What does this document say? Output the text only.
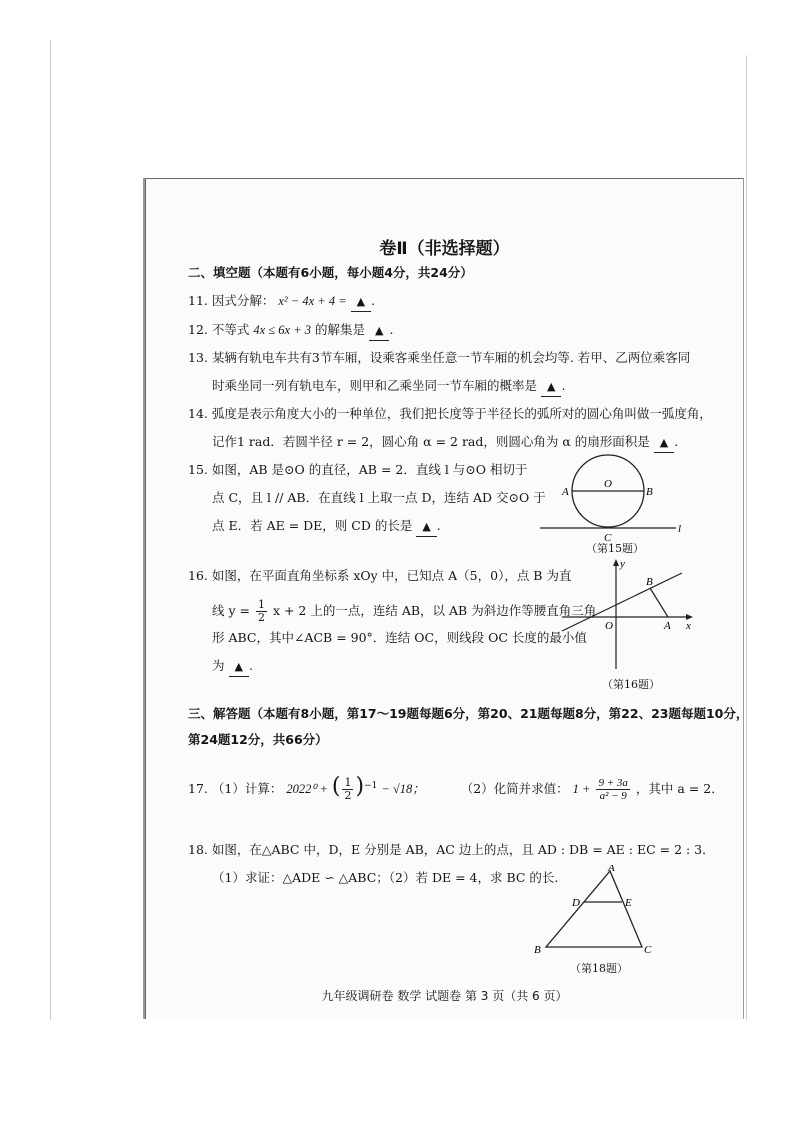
卷Ⅱ（非选择题）
二、填空题（本题有6小题，每小题4分，共24分）
11. 因式分解： x² − 4x + 4 = ▲ .
12. 不等式 4x ≤ 6x + 3 的解集是 ▲ .
13. 某辆有轨电车共有3节车厢，设乘客乘坐任意一节车厢的机会均等. 若甲、乙两位乘客同
时乘坐同一列有轨电车，则甲和乙乘坐同一节车厢的概率是 ▲ .
14. 弧度是表示角度大小的一种单位，我们把长度等于半径长的弧所对的圆心角叫做一弧度角，
记作1 rad．若圆半径 r = 2，圆心角 α = 2 rad，则圆心角为 α 的扇形面积是 ▲ .
15. 如图，AB 是⊙O 的直径，AB = 2．直线 l 与⊙O 相切于
点 C，且 l // AB．在直线 l 上取一点 D，连结 AD 交⊙O 于
点 E．若 AE = DE，则 CD 的长是 ▲ .
A
O
B
C
l
（第15题）
16. 如图，在平面直角坐标系 xOy 中，已知点 A（5，0），点 B 为直
线 $y = \frac{1}{2}$ x + 2 上的一点，连结 AB，以 AB 为斜边作等腰直角三角
形 ABC，其中∠ACB = 90°．连结 OC，则线段 OC 长度的最小值
为 ▲ .
y
x
O	A
B
（第16题）
三、解答题（本题有8小题，第17～19题每题6分，第20、21题每题8分，第22、23题每题10分，
第24题12分，共66分）
17. （1）计算： 2022⁰ + ( $\frac{1}{2} )^{-1} - √18$；	（2）化简并求值： $1 + \frac{9 + 3a}{\text{a² − 9}}$ ，其中 a = 2．
18. 如图，在△ABC 中，D，E 分别是 AB，AC 边上的点，且 AD : DB = AE : EC = 2 : 3．
（1）求证：△ADE ∽ △ABC；（2）若 DE = 4，求 BC 的长.
A
D	E
B	C
（第18题）
九年级调研卷 数学 试题卷 第 3 页（共 6 页）
